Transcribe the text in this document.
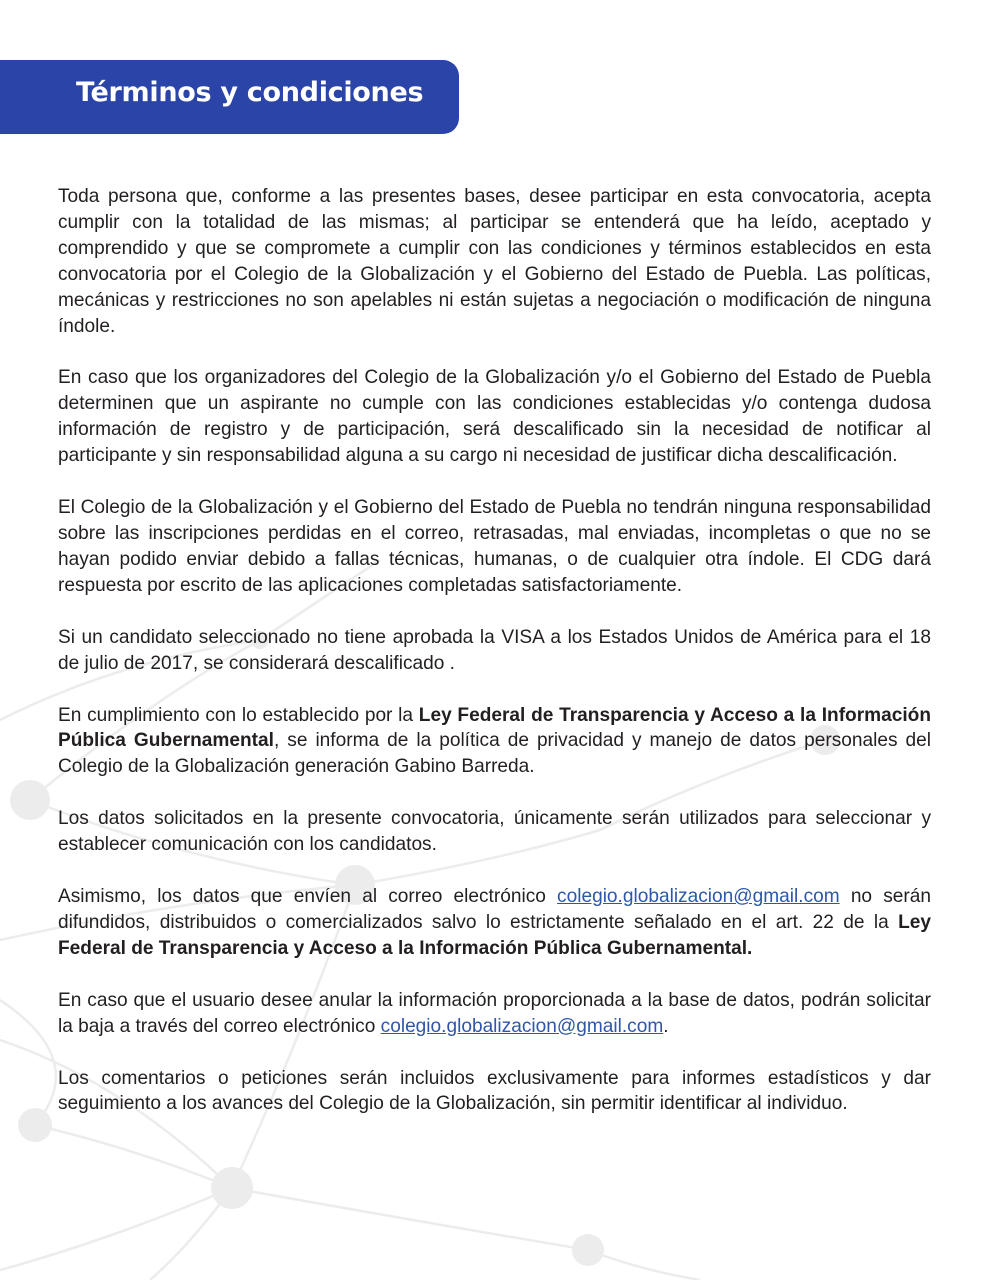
Términos y condiciones

Toda persona que, conforme a las presentes bases, desee participar en esta convocatoria, acepta cumplir con la totalidad de las mismas; al participar se entenderá que ha leído, aceptado y comprendido y que se compromete a cumplir con las condiciones y términos establecidos en esta convocatoria por el Colegio de la Globalización y el Gobierno del Estado de Puebla. Las políticas, mecánicas y restricciones no son apelables ni están sujetas a negociación o modificación de ninguna índole.

En caso que los organizadores del Colegio de la Globalización y/o el Gobierno del Estado de Puebla determinen que un aspirante no cumple con las condiciones establecidas y/o contenga dudosa información de registro y de participación, será descalificado sin la necesidad de notificar al participante y sin responsabilidad alguna a su cargo ni necesidad de justificar dicha descalificación.

El Colegio de la Globalización y el Gobierno del Estado de Puebla no tendrán ninguna responsabilidad sobre las inscripciones perdidas en el correo, retrasadas, mal enviadas, incompletas o que no se hayan podido enviar debido a fallas técnicas, humanas, o de cualquier otra índole. El CDG dará respuesta por escrito de las aplicaciones completadas satisfactoriamente.

Si un candidato seleccionado no tiene aprobada la VISA a los Estados Unidos de América para el 18 de julio de 2017, se considerará descalificado .

En cumplimiento con lo establecido por la Ley Federal de Transparencia y Acceso a la Información Pública Gubernamental, se informa de la política de privacidad y manejo de datos personales del Colegio de la Globalización generación Gabino Barreda.

Los datos solicitados en la presente convocatoria, únicamente serán utilizados para seleccionar y establecer comunicación con los candidatos.

Asimismo, los datos que envíen al correo electrónico colegio.globalizacion@gmail.com no serán difundidos, distribuidos o comercializados salvo lo estrictamente señalado en el art. 22 de la Ley Federal de Transparencia y Acceso a la Información Pública Gubernamental.

En caso que el usuario desee anular la información proporcionada a la base de datos, podrán solicitar la baja a través del correo electrónico colegio.globalizacion@gmail.com.

Los comentarios o peticiones serán incluidos exclusivamente para informes estadísticos y dar seguimiento a los avances del Colegio de la Globalización, sin permitir identificar al individuo.
